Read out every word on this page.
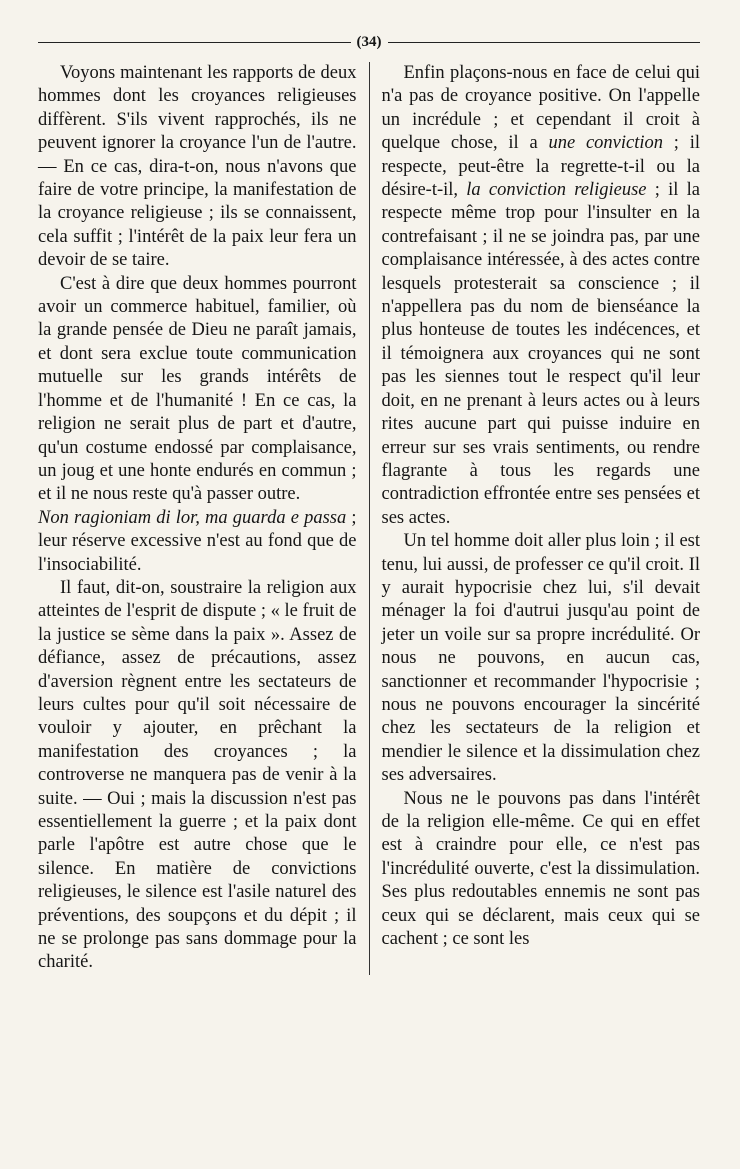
(34)

Voyons maintenant les rapports de deux hommes dont les croyances religieuses diffèrent. S'ils vivent rapprochés, ils ne peuvent ignorer la croyance l'un de l'autre. — En ce cas, dira-t-on, nous n'avons que faire de votre principe, la manifestation de la croyance religieuse ; ils se connaissent, cela suffit ; l'intérêt de la paix leur fera un devoir de se taire.

C'est à dire que deux hommes pourront avoir un commerce habituel, familier, où la grande pensée de Dieu ne paraît jamais, et dont sera exclue toute communication mutuelle sur les grands intérêts de l'homme et de l'humanité ! En ce cas, la religion ne serait plus de part et d'autre, qu'un costume endossé par complaisance, un joug et une honte endurés en commun ; et il ne nous reste qu'à passer outre.

Non ragioniam di lor, ma guarda e passa ; leur réserve excessive n'est au fond que de l'insociabilité.

Il faut, dit-on, soustraire la religion aux atteintes de l'esprit de dispute ; « le fruit de la justice se sème dans la paix ». Assez de défiance, assez de précautions, assez d'aversion règnent entre les sectateurs de leurs cultes pour qu'il soit nécessaire de vouloir y ajouter, en prêchant la manifestation des croyances ; la controverse ne manquera pas de venir à la suite. — Oui ; mais la discussion n'est pas essentiellement la guerre ; et la paix dont parle l'apôtre est autre chose que le silence. En matière de convictions religieuses, le silence est l'asile naturel des préventions, des soupçons et du dépit ; il ne se prolonge pas sans dommage pour la charité.

Enfin plaçons-nous en face de celui qui n'a pas de croyance positive. On l'appelle un incrédule ; et cependant il croit à quelque chose, il a une conviction ; il respecte, peut-être la regrette-t-il ou la désire-t-il, la conviction religieuse ; il la respecte même trop pour l'insulter en la contrefaisant ; il ne se joindra pas, par une complaisance intéressée, à des actes contre lesquels protesterait sa conscience ; il n'appellera pas du nom de bienséance la plus honteuse de toutes les indécences, et il témoignera aux croyances qui ne sont pas les siennes tout le respect qu'il leur doit, en ne prenant à leurs actes ou à leurs rites aucune part qui puisse induire en erreur sur ses vrais sentiments, ou rendre flagrante à tous les regards une contradiction effrontée entre ses pensées et ses actes.

Un tel homme doit aller plus loin ; il est tenu, lui aussi, de professer ce qu'il croit. Il y aurait hypocrisie chez lui, s'il devait ménager la foi d'autrui jusqu'au point de jeter un voile sur sa propre incrédulité. Or nous ne pouvons, en aucun cas, sanctionner et recommander l'hypocrisie ; nous ne pouvons encourager la sincérité chez les sectateurs de la religion et mendier le silence et la dissimulation chez ses adversaires.

Nous ne le pouvons pas dans l'intérêt de la religion elle-même. Ce qui en effet est à craindre pour elle, ce n'est pas l'incrédulité ouverte, c'est la dissimulation. Ses plus redoutables ennemis ne sont pas ceux qui se déclarent, mais ceux qui se cachent ; ce sont les
